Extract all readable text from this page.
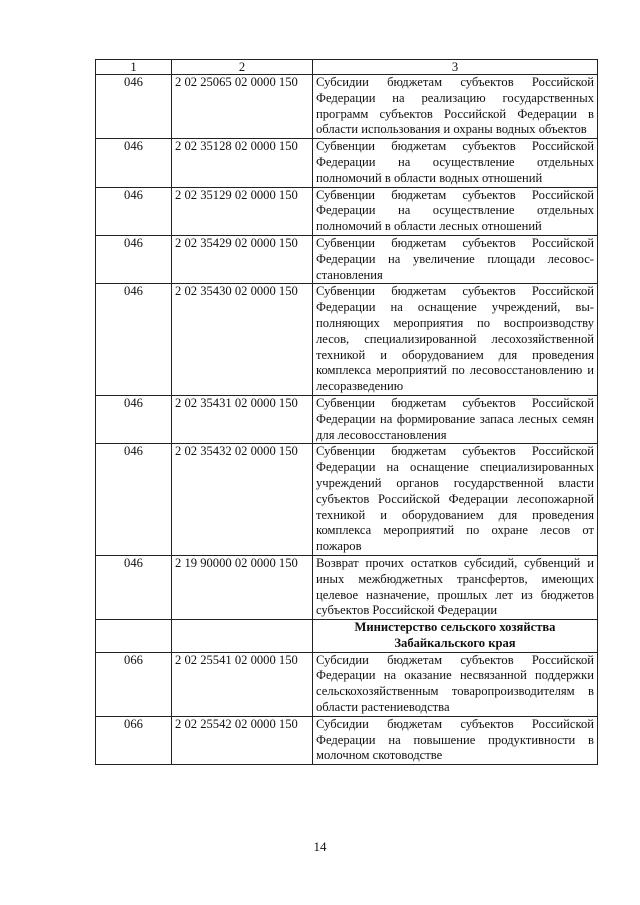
1	2	3
046	2 02 25065 02 0000 150	Субсидии бюджетам субъектов Российской Федерации на реализацию государственных программ субъектов Российской Федерации в области использования и охраны водных объектов
046	2 02 35128 02 0000 150	Субвенции бюджетам субъектов Российской Федерации на осуществление отдельных полномочий в области водных отношений
046	2 02 35129 02 0000 150	Субвенции бюджетам субъектов Российской Федерации на осуществление отдельных полномочий в области лесных отношений
046	2 02 35429 02 0000 150	Субвенции бюджетам субъектов Российской Федерации на увеличение площади лесовосстановления
046	2 02 35430 02 0000 150	Субвенции бюджетам субъектов Российской Федерации на оснащение учреждений, выполняющих мероприятия по воспроизводству лесов, специализированной лесохозяйственной техникой и оборудованием для проведения комплекса мероприятий по лесовосстановлению и лесоразведению
046	2 02 35431 02 0000 150	Субвенции бюджетам субъектов Российской Федерации на формирование запаса лесных семян для лесовосстановления
046	2 02 35432 02 0000 150	Субвенции бюджетам субъектов Российской Федерации на оснащение специализированных учреждений органов государственной власти субъектов Российской Федерации лесопожарной техникой и оборудованием для проведения комплекса мероприятий по охране лесов от пожаров
046	2 19 90000 02 0000 150	Возврат прочих остатков субсидий, субвенций и иных межбюджетных трансфертов, имеющих целевое назначение, прошлых лет из бюджетов субъектов Российской Федерации
		Министерство сельского хозяйства Забайкальского края
066	2 02 25541 02 0000 150	Субсидии бюджетам субъектов Российской Федерации на оказание несвязанной поддержки сельскохозяйственным товаропроизводителям в области растениеводства
066	2 02 25542 02 0000 150	Субсидии бюджетам субъектов Российской Федерации на повышение продуктивности в молочном скотоводстве
14
